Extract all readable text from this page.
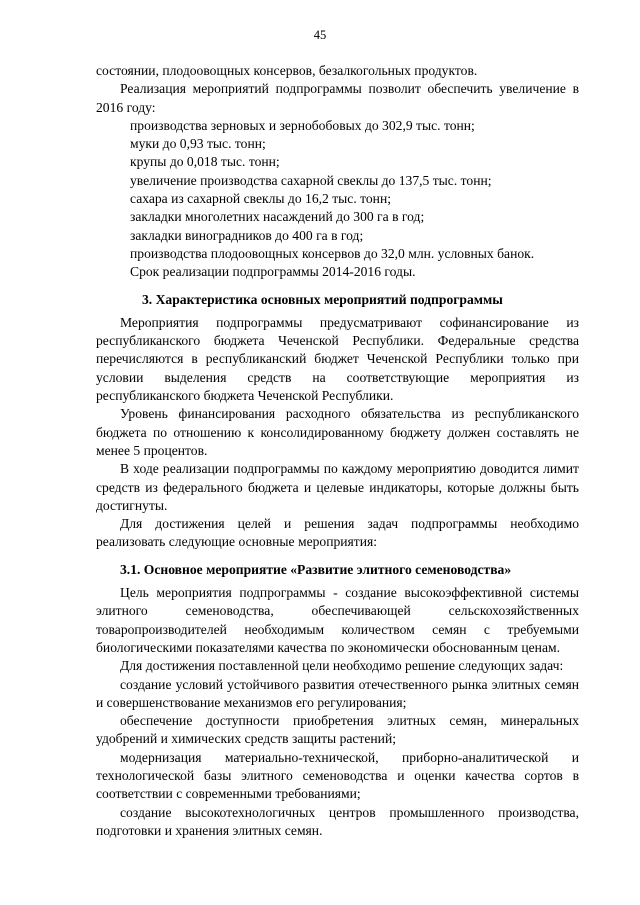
45

состоянии, плодоовощных консервов, безалкогольных продуктов.

Реализация мероприятий подпрограммы позволит обеспечить увеличение в 2016 году:

производства зерновых и зернобобовых до 302,9 тыс. тонн;

муки до 0,93 тыс. тонн;

крупы до 0,018 тыс. тонн;

увеличение производства сахарной свеклы до 137,5 тыс. тонн;

сахара из сахарной свеклы до 16,2 тыс. тонн;

закладки многолетних насаждений до 300 га в год;

закладки виноградников до 400 га в год;

производства плодоовощных консервов до 32,0 млн. условных банок.

Срок реализации подпрограммы 2014-2016 годы.

3. Характеристика основных мероприятий подпрограммы

Мероприятия подпрограммы предусматривают софинансирование из республиканского бюджета Чеченской Республики. Федеральные средства перечисляются в республиканский бюджет Чеченской Республики только при условии выделения средств на соответствующие мероприятия из республиканского бюджета Чеченской Республики.

Уровень финансирования расходного обязательства из республиканского бюджета по отношению к консолидированному бюджету должен составлять не менее 5 процентов.

В ходе реализации подпрограммы по каждому мероприятию доводится лимит средств из федерального бюджета и целевые индикаторы, которые должны быть достигнуты.

Для достижения целей и решения задач подпрограммы необходимо реализовать следующие основные мероприятия:

3.1. Основное мероприятие «Развитие элитного семеноводства»

Цель мероприятия подпрограммы - создание высокоэффективной системы элитного семеноводства, обеспечивающей сельскохозяйственных товаропроизводителей необходимым количеством семян с требуемыми биологическими показателями качества по экономически обоснованным ценам.

Для достижения поставленной цели необходимо решение следующих задач:

создание условий устойчивого развития отечественного рынка элитных семян и совершенствование механизмов его регулирования;

обеспечение доступности приобретения элитных семян, минеральных удобрений и химических средств защиты растений;

модернизация материально-технической, приборно-аналитической и технологической базы элитного семеноводства и оценки качества сортов в соответствии с современными требованиями;

создание высокотехнологичных центров промышленного производства, подготовки и хранения элитных семян.
